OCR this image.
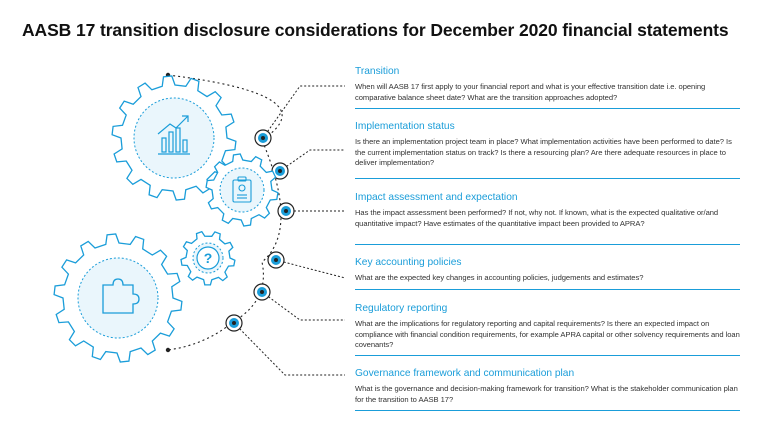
AASB 17 transition disclosure considerations for December 2020 financial statements
?
Transition
When will AASB 17 first apply to your financial report and what is your effective transition date i.e. opening comparative balance sheet date? What are the transition approaches adopted?
Implementation status
Is there an implementation project team in place? What implementation activities have been performed to date? Is the current implementation status on track? Is there a resourcing plan? Are there adequate resources in place to deliver implementation?
Impact assessment and expectation
Has the impact assessment been performed? If not, why not. If known, what is the expected qualitative or/and quantitative impact? Have estimates of the quantitative impact been provided to APRA?
Key accounting policies
What are the expected key changes in accounting policies, judgements and estimates?
Regulatory reporting
What are the implications for regulatory reporting and capital requirements? Is there an expected impact on compliance with financial condition requirements, for example APRA capital or other solvency requirements and loan covenants?
Governance framework and communication plan
What is the governance and decision-making framework for transition? What is the stakeholder communication plan for the transition to AASB 17?
